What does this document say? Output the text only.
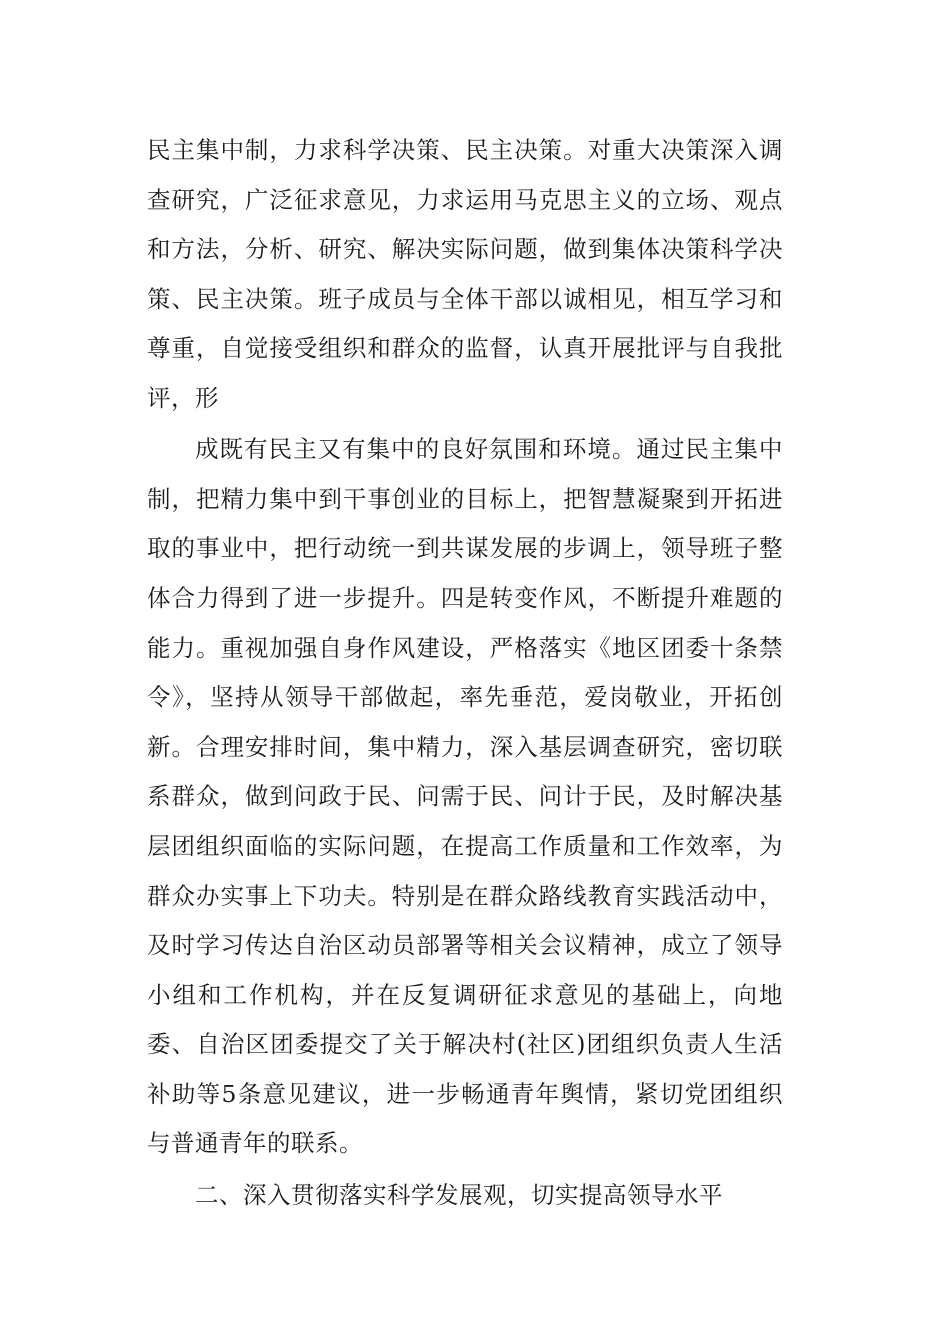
民主集中制，力求科学决策、民主决策。对重大决策深入调查研究，广泛征求意见，力求运用马克思主义的立场、观点和方法，分析、研究、解决实际问题，做到集体决策科学决策、民主决策。班子成员与全体干部以诚相见，相互学习和尊重，自觉接受组织和群众的监督，认真开展批评与自我批评，形

成既有民主又有集中的良好氛围和环境。通过民主集中制，把精力集中到干事创业的目标上，把智慧凝聚到开拓进取的事业中，把行动统一到共谋发展的步调上，领导班子整体合力得到了进一步提升。四是转变作风，不断提升难题的能力。重视加强自身作风建设，严格落实《地区团委十条禁令》，坚持从领导干部做起，率先垂范，爱岗敬业，开拓创新。合理安排时间，集中精力，深入基层调查研究，密切联系群众，做到问政于民、问需于民、问计于民，及时解决基层团组织面临的实际问题，在提高工作质量和工作效率，为群众办实事上下功夫。特别是在群众路线教育实践活动中，及时学习传达自治区动员部署等相关会议精神，成立了领导小组和工作机构，并在反复调研征求意见的基础上，向地委、自治区团委提交了关于解决村(社区)团组织负责人生活补助等5条意见建议，进一步畅通青年舆情，紧切党团组织与普通青年的联系。

二、深入贯彻落实科学发展观，切实提高领导水平
